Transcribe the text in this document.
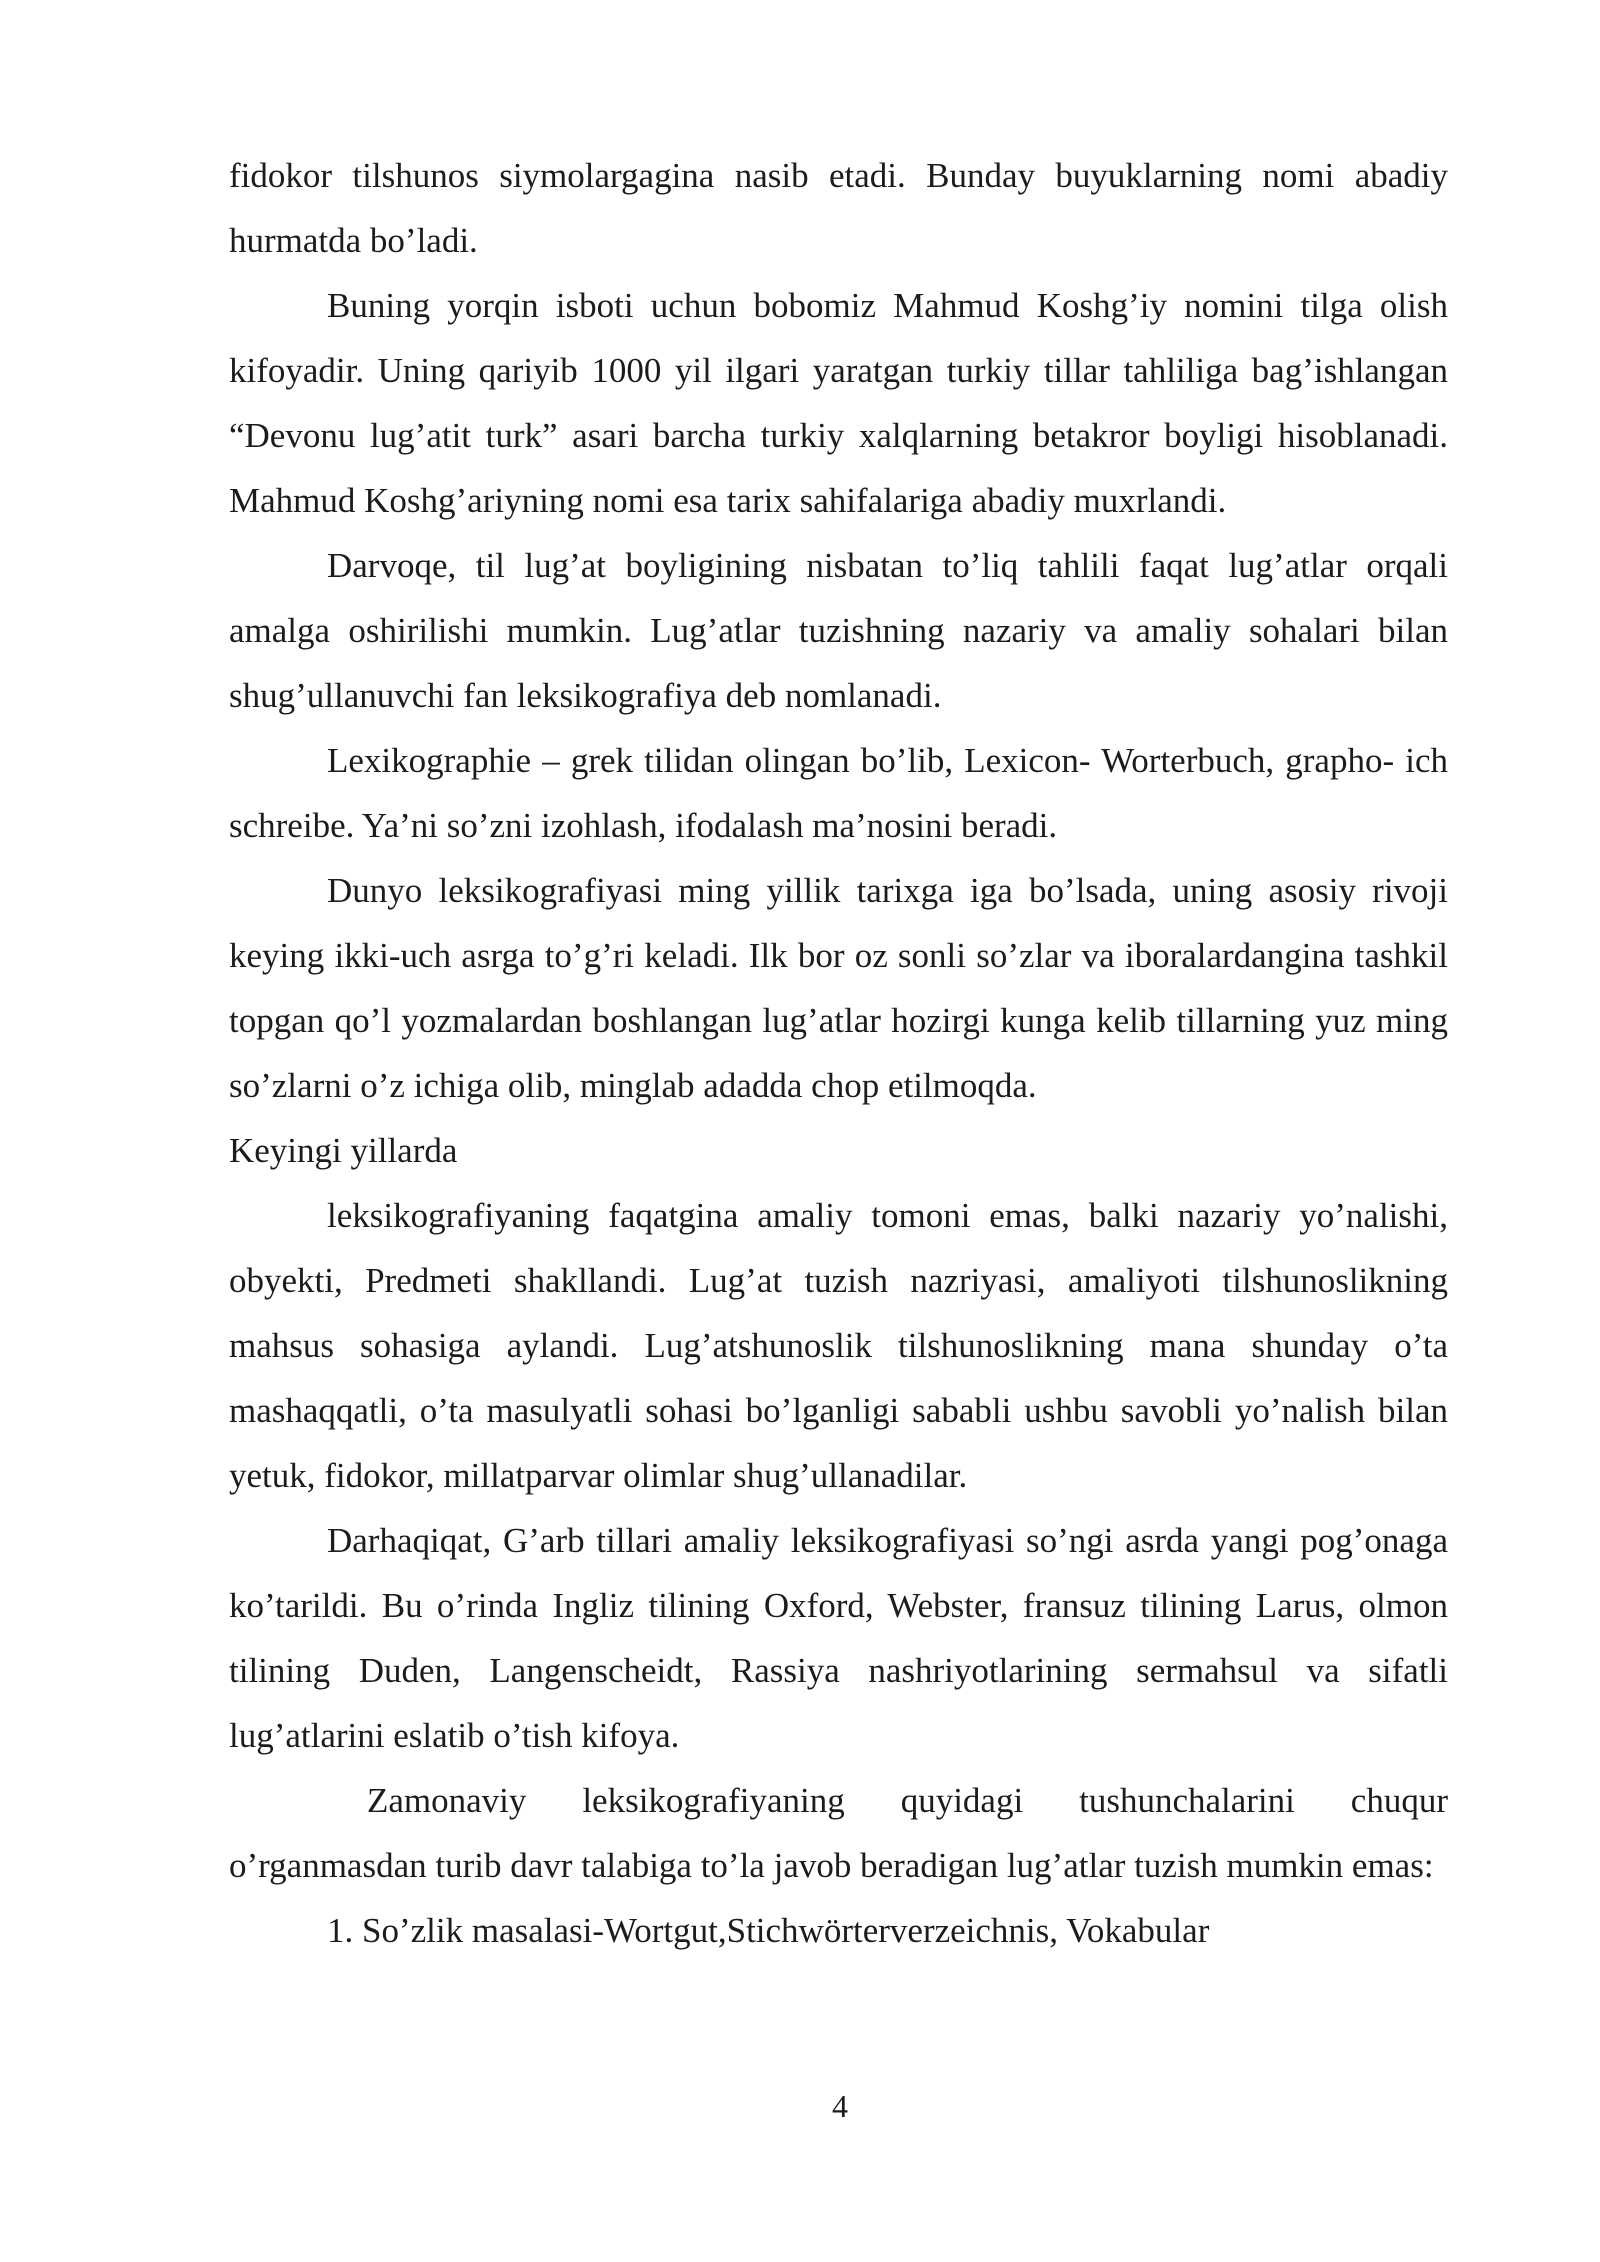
fidokor tilshunos siymolargagina nasib etadi. Bunday buyuklarning nomi abadiy hurmatda bo’ladi.

Buning yorqin isboti uchun bobomiz Mahmud Koshg’iy nomini tilga olish kifoyadir. Uning qariyib 1000 yil ilgari yaratgan turkiy tillar tahliliga bag’ishlangan “Devonu lug’atit turk” asari barcha turkiy xalqlarning betakror boyligi hisoblanadi. Mahmud Koshg’ariyning nomi esa tarix sahifalariga abadiy muxrlandi.

Darvoqe, til lug’at boyligining nisbatan to’liq tahlili faqat lug’atlar orqali amalga oshirilishi mumkin. Lug’atlar tuzishning nazariy va amaliy sohalari bilan shug’ullanuvchi fan leksikografiya deb nomlanadi.

Lexikographie – grek tilidan olingan bo’lib, Lexicon- Worterbuch, grapho- ich schreibe. Ya’ni so’zni izohlash, ifodalash ma’nosini beradi.

Dunyo leksikografiyasi ming yillik tarixga iga bo’lsada, uning asosiy rivoji keying ikki-uch asrga to’g’ri keladi. Ilk bor oz sonli so’zlar va iboralardangina tashkil topgan qo’l yozmalardan boshlangan lug’atlar hozirgi kunga kelib tillarning yuz ming so’zlarni o’z ichiga olib, minglab adadda chop etilmoqda.

Keyingi yillarda

leksikografiyaning faqatgina amaliy tomoni emas, balki nazariy yo’nalishi, obyekti, Predmeti shakllandi. Lug’at tuzish nazriyasi, amaliyoti tilshunoslikning mahsus sohasiga aylandi. Lug’atshunoslik tilshunoslikning mana shunday o’ta mashaqqatli, o’ta masulyatli sohasi bo’lganligi sababli ushbu savobli yo’nalish bilan yetuk, fidokor, millatparvar olimlar shug’ullanadilar.

Darhaqiqat, G’arb tillari amaliy leksikografiyasi so’ngi asrda yangi pog’onaga ko’tarildi. Bu o’rinda Ingliz tilining Oxford, Webster, fransuz tilining Larus, olmon tilining Duden, Langenscheidt, Rassiya nashriyotlarining sermahsul va sifatli lug’atlarini eslatib o’tish kifoya.

Zamonaviy leksikografiyaning quyidagi tushunchalarini chuqur o’rganmasdan turib davr talabiga to’la javob beradigan lug’atlar tuzish mumkin emas:

1. So’zlik masalasi-Wortgut,Stichwörterverzeichnis, Vokabular

4
